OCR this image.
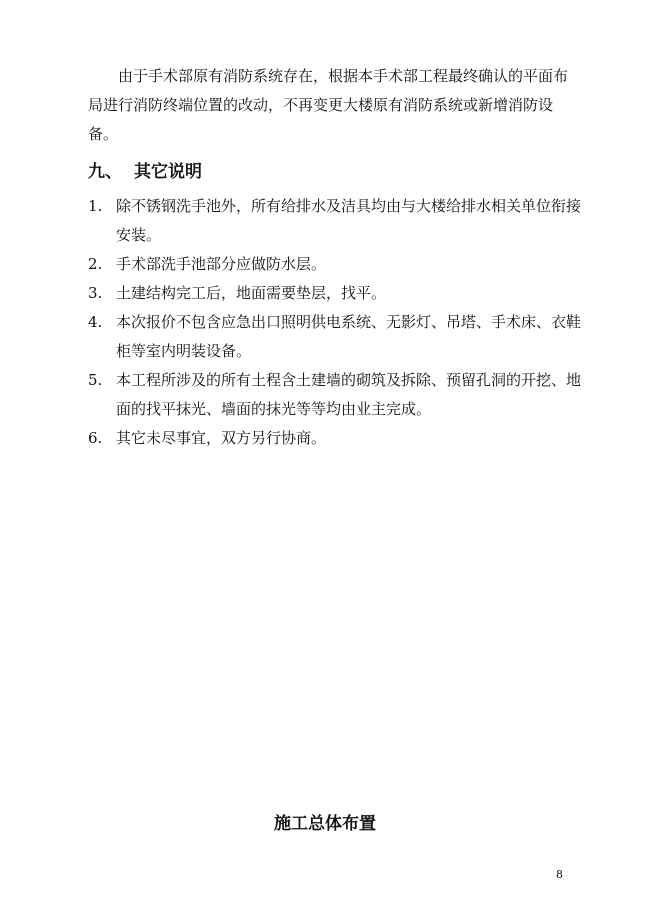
由于手术部原有消防系统存在，根据本手术部工程最终确认的平面布局进行消防终端位置的改动，不再变更大楼原有消防系统或新增消防设备。

九、 其它说明
1. 除不锈钢洗手池外，所有给排水及洁具均由与大楼给排水相关单位衔接安装。
2. 手术部洗手池部分应做防水层。
3. 土建结构完工后，地面需要垫层，找平。
4. 本次报价不包含应急出口照明供电系统、无影灯、吊塔、手术床、衣鞋柜等室内明装设备。
5. 本工程所涉及的所有土程含土建墙的砌筑及拆除、预留孔洞的开挖、地面的找平抹光、墙面的抹光等等均由业主完成。
6. 其它未尽事宜，双方另行协商。
施工总体布置
8
